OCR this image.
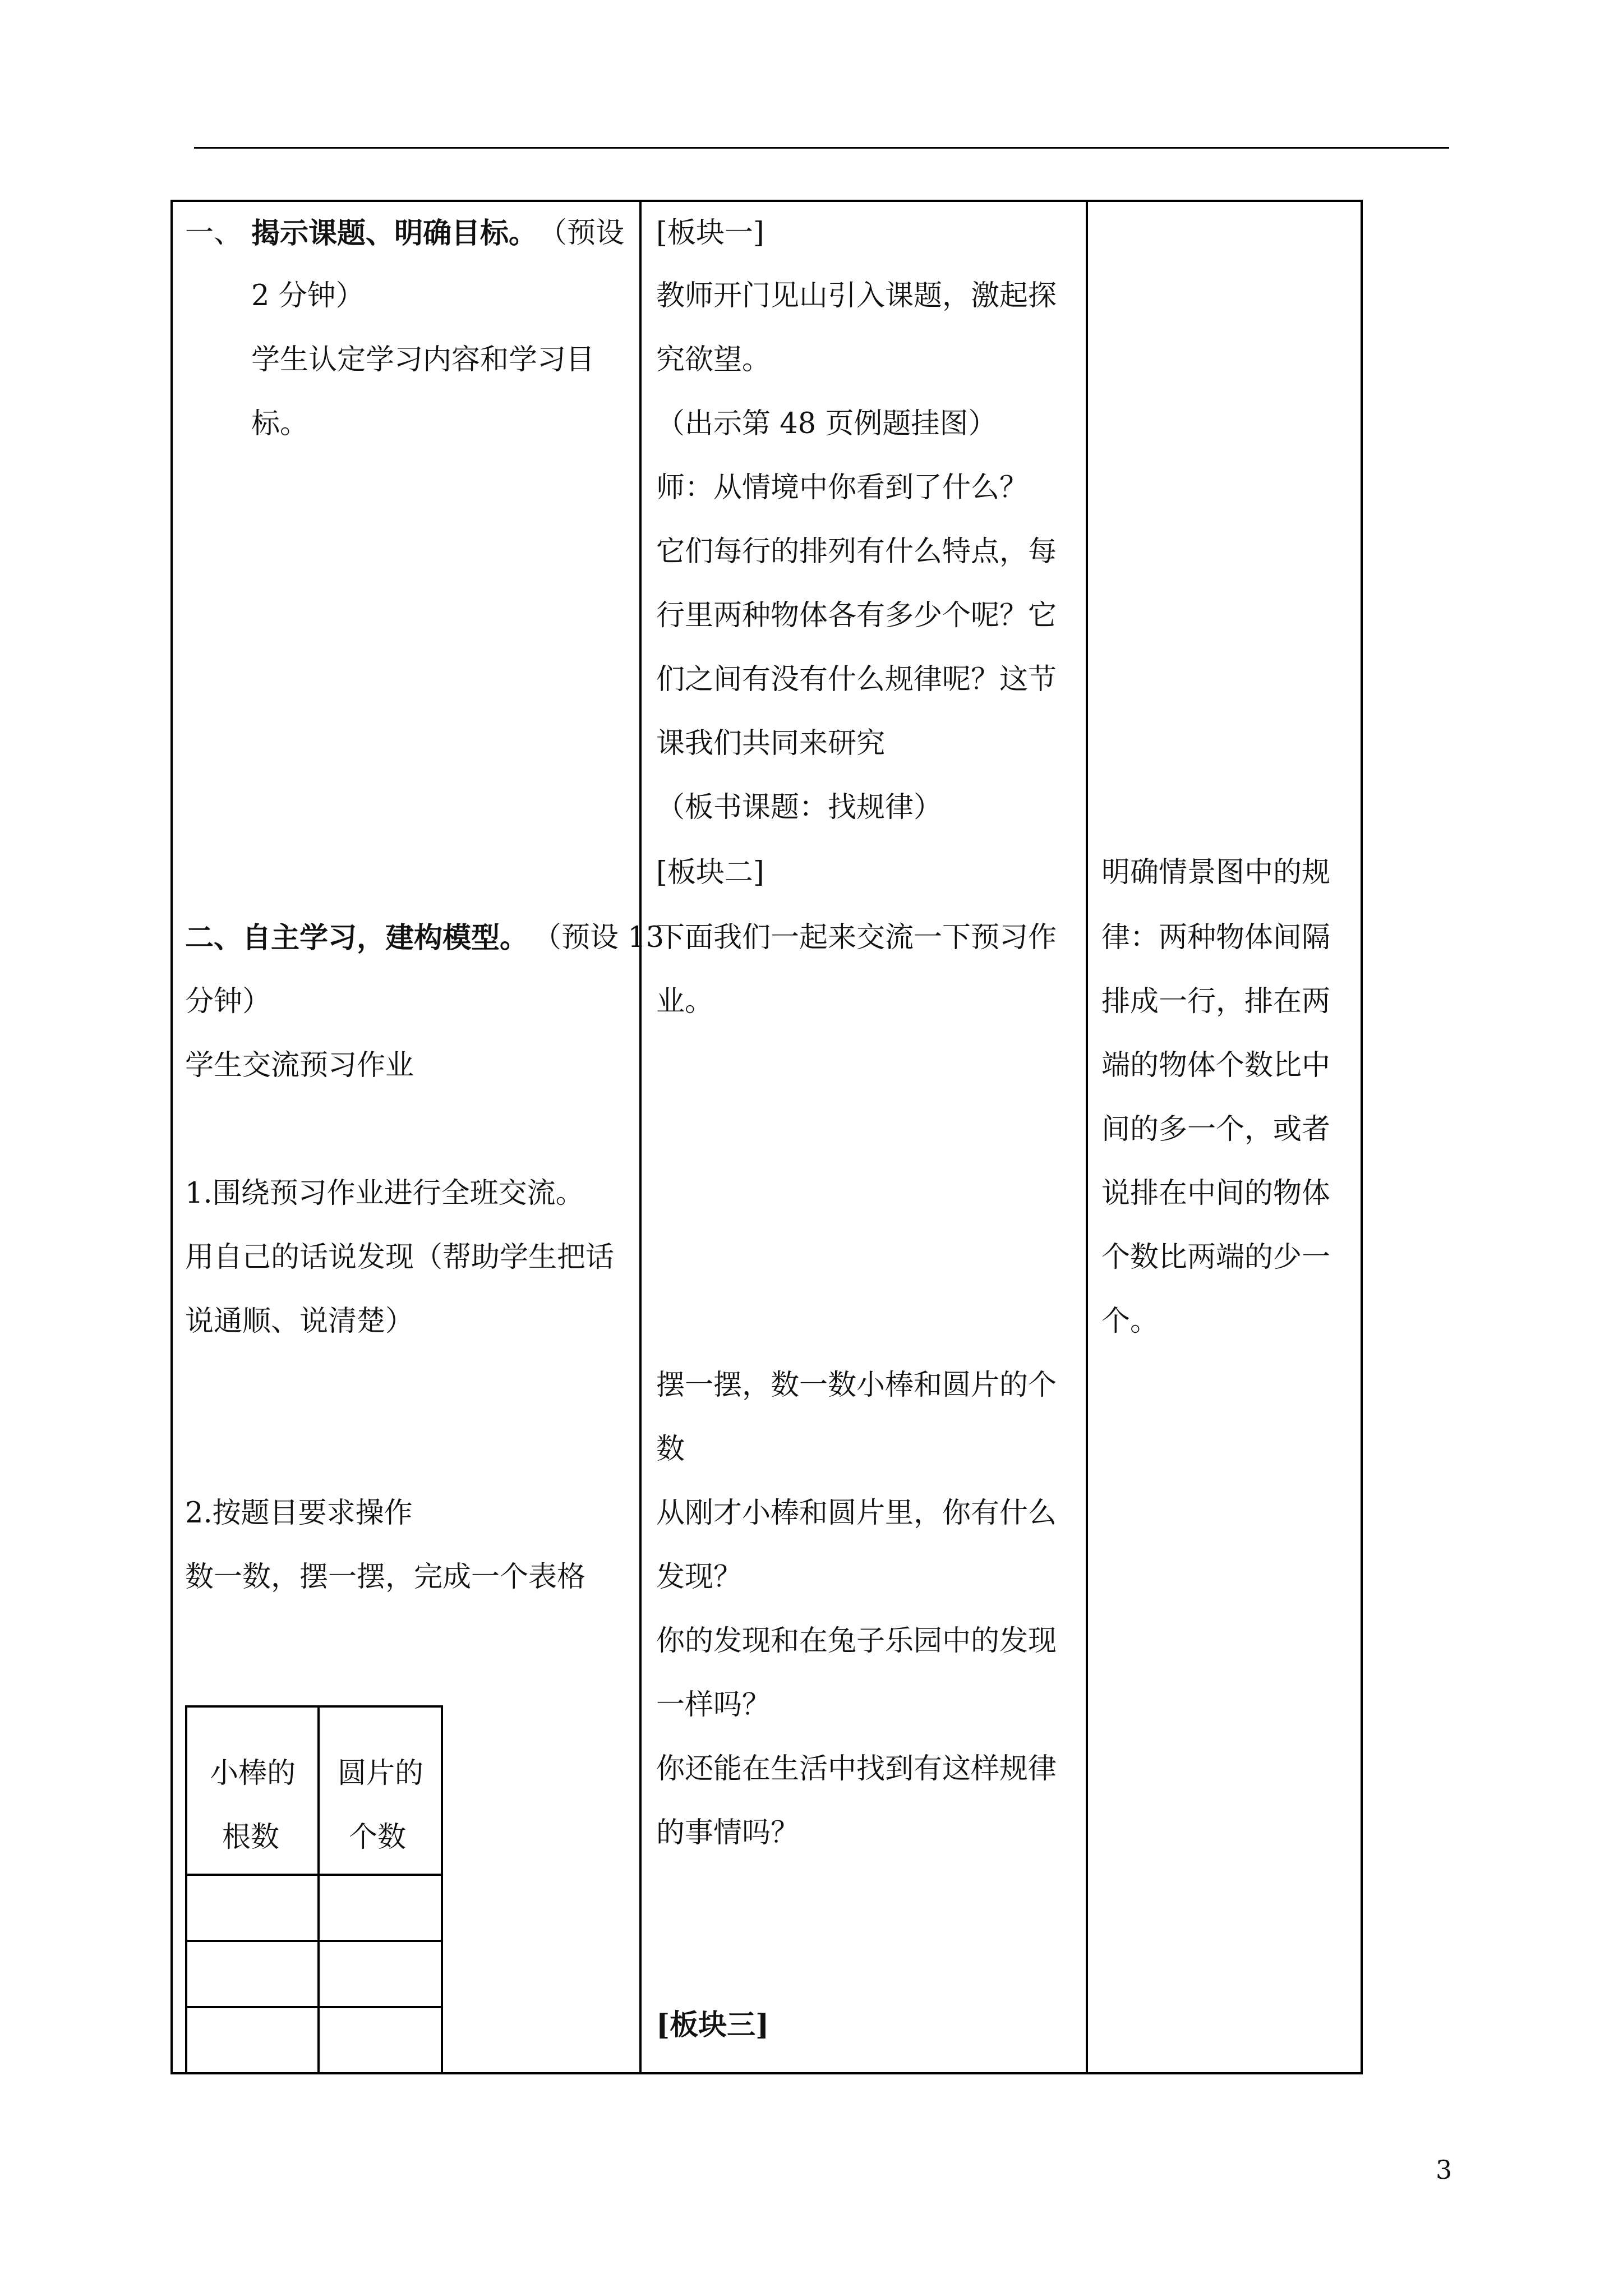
一、 揭示课题、明确目标。 （预设
2 分钟）
学生认定学习内容和学习目
标。
二、自主学习，建构模型。 （预设 13
分钟）
学生交流预习作业
1.围绕预习作业进行全班交流。
用自己的话说发现（帮助学生把话
说通顺、说清楚）
2.按题目要求操作
数一数，摆一摆，完成一个表格
小棒的
根数
圆片的
个数
[板块一]
教师开门见山引入课题，激起探
究欲望。
（出示第 48 页例题挂图）
师：从情境中你看到了什么？
它们每行的排列有什么特点，每
行里两种物体各有多少个呢？它
们之间有没有什么规律呢？这节
课我们共同来研究
（板书课题：找规律）
[板块二]
下面我们一起来交流一下预习作
业。
摆一摆，数一数小棒和圆片的个
数
从刚才小棒和圆片里，你有什么
发现？
你的发现和在兔子乐园中的发现
一样吗？
你还能在生活中找到有这样规律
的事情吗？
[板块三]
明确情景图中的规
律：两种物体间隔
排成一行，排在两
端的物体个数比中
间的多一个，或者
说排在中间的物体
个数比两端的少一
个。
3
